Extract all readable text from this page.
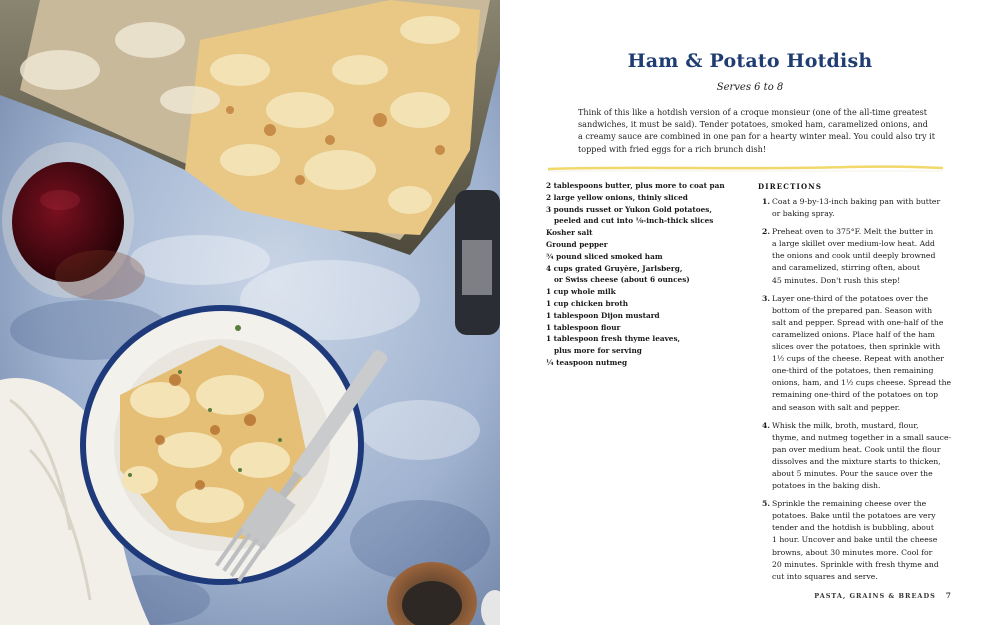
Ham & Potato Hotdish
Serves 6 to 8
Think of this like a hotdish version of a croque monsieur (one of the all-time greatest
sandwiches, it must be said). Tender potatoes, smoked ham, caramelized onions, and
a creamy sauce are combined in one pan for a hearty winter meal. You could also try it
topped with fried eggs for a rich brunch dish!
2 tablespoons butter, plus more to coat pan
2 large yellow onions, thinly sliced
3 pounds russet or Yukon Gold potatoes,
peeled and cut into ⅛-inch-thick slices
Kosher salt
Ground pepper
¾ pound sliced smoked ham
4 cups grated Gruyère, Jarlsberg,
or Swiss cheese (about 6 ounces)
1 cup whole milk
1 cup chicken broth
1 tablespoon Dijon mustard
1 tablespoon flour
1 tablespoon fresh thyme leaves,
plus more for serving
¼ teaspoon nutmeg
DIRECTIONS
1. Coat a 9-by-13-inch baking pan with butter
or baking spray.
2. Preheat oven to 375°F. Melt the butter in
a large skillet over medium-low heat. Add
the onions and cook until deeply browned
and caramelized, stirring often, about
45 minutes. Don't rush this step!
3. Layer one-third of the potatoes over the
bottom of the prepared pan. Season with
salt and pepper. Spread with one-half of the
caramelized onions. Place half of the ham
slices over the potatoes, then sprinkle with
1½ cups of the cheese. Repeat with another
one-third of the potatoes, then remaining
onions, ham, and 1½ cups cheese. Spread the
remaining one-third of the potatoes on top
and season with salt and pepper.
4. Whisk the milk, broth, mustard, flour,
thyme, and nutmeg together in a small sauce-
pan over medium heat. Cook until the flour
dissolves and the mixture starts to thicken,
about 5 minutes. Pour the sauce over the
potatoes in the baking dish.
5. Sprinkle the remaining cheese over the
potatoes. Bake until the potatoes are very
tender and the hotdish is bubbling, about
1 hour. Uncover and bake until the cheese
browns, about 30 minutes more. Cool for
20 minutes. Sprinkle with fresh thyme and
cut into squares and serve.
PASTA, GRAINS & BREADS 7
